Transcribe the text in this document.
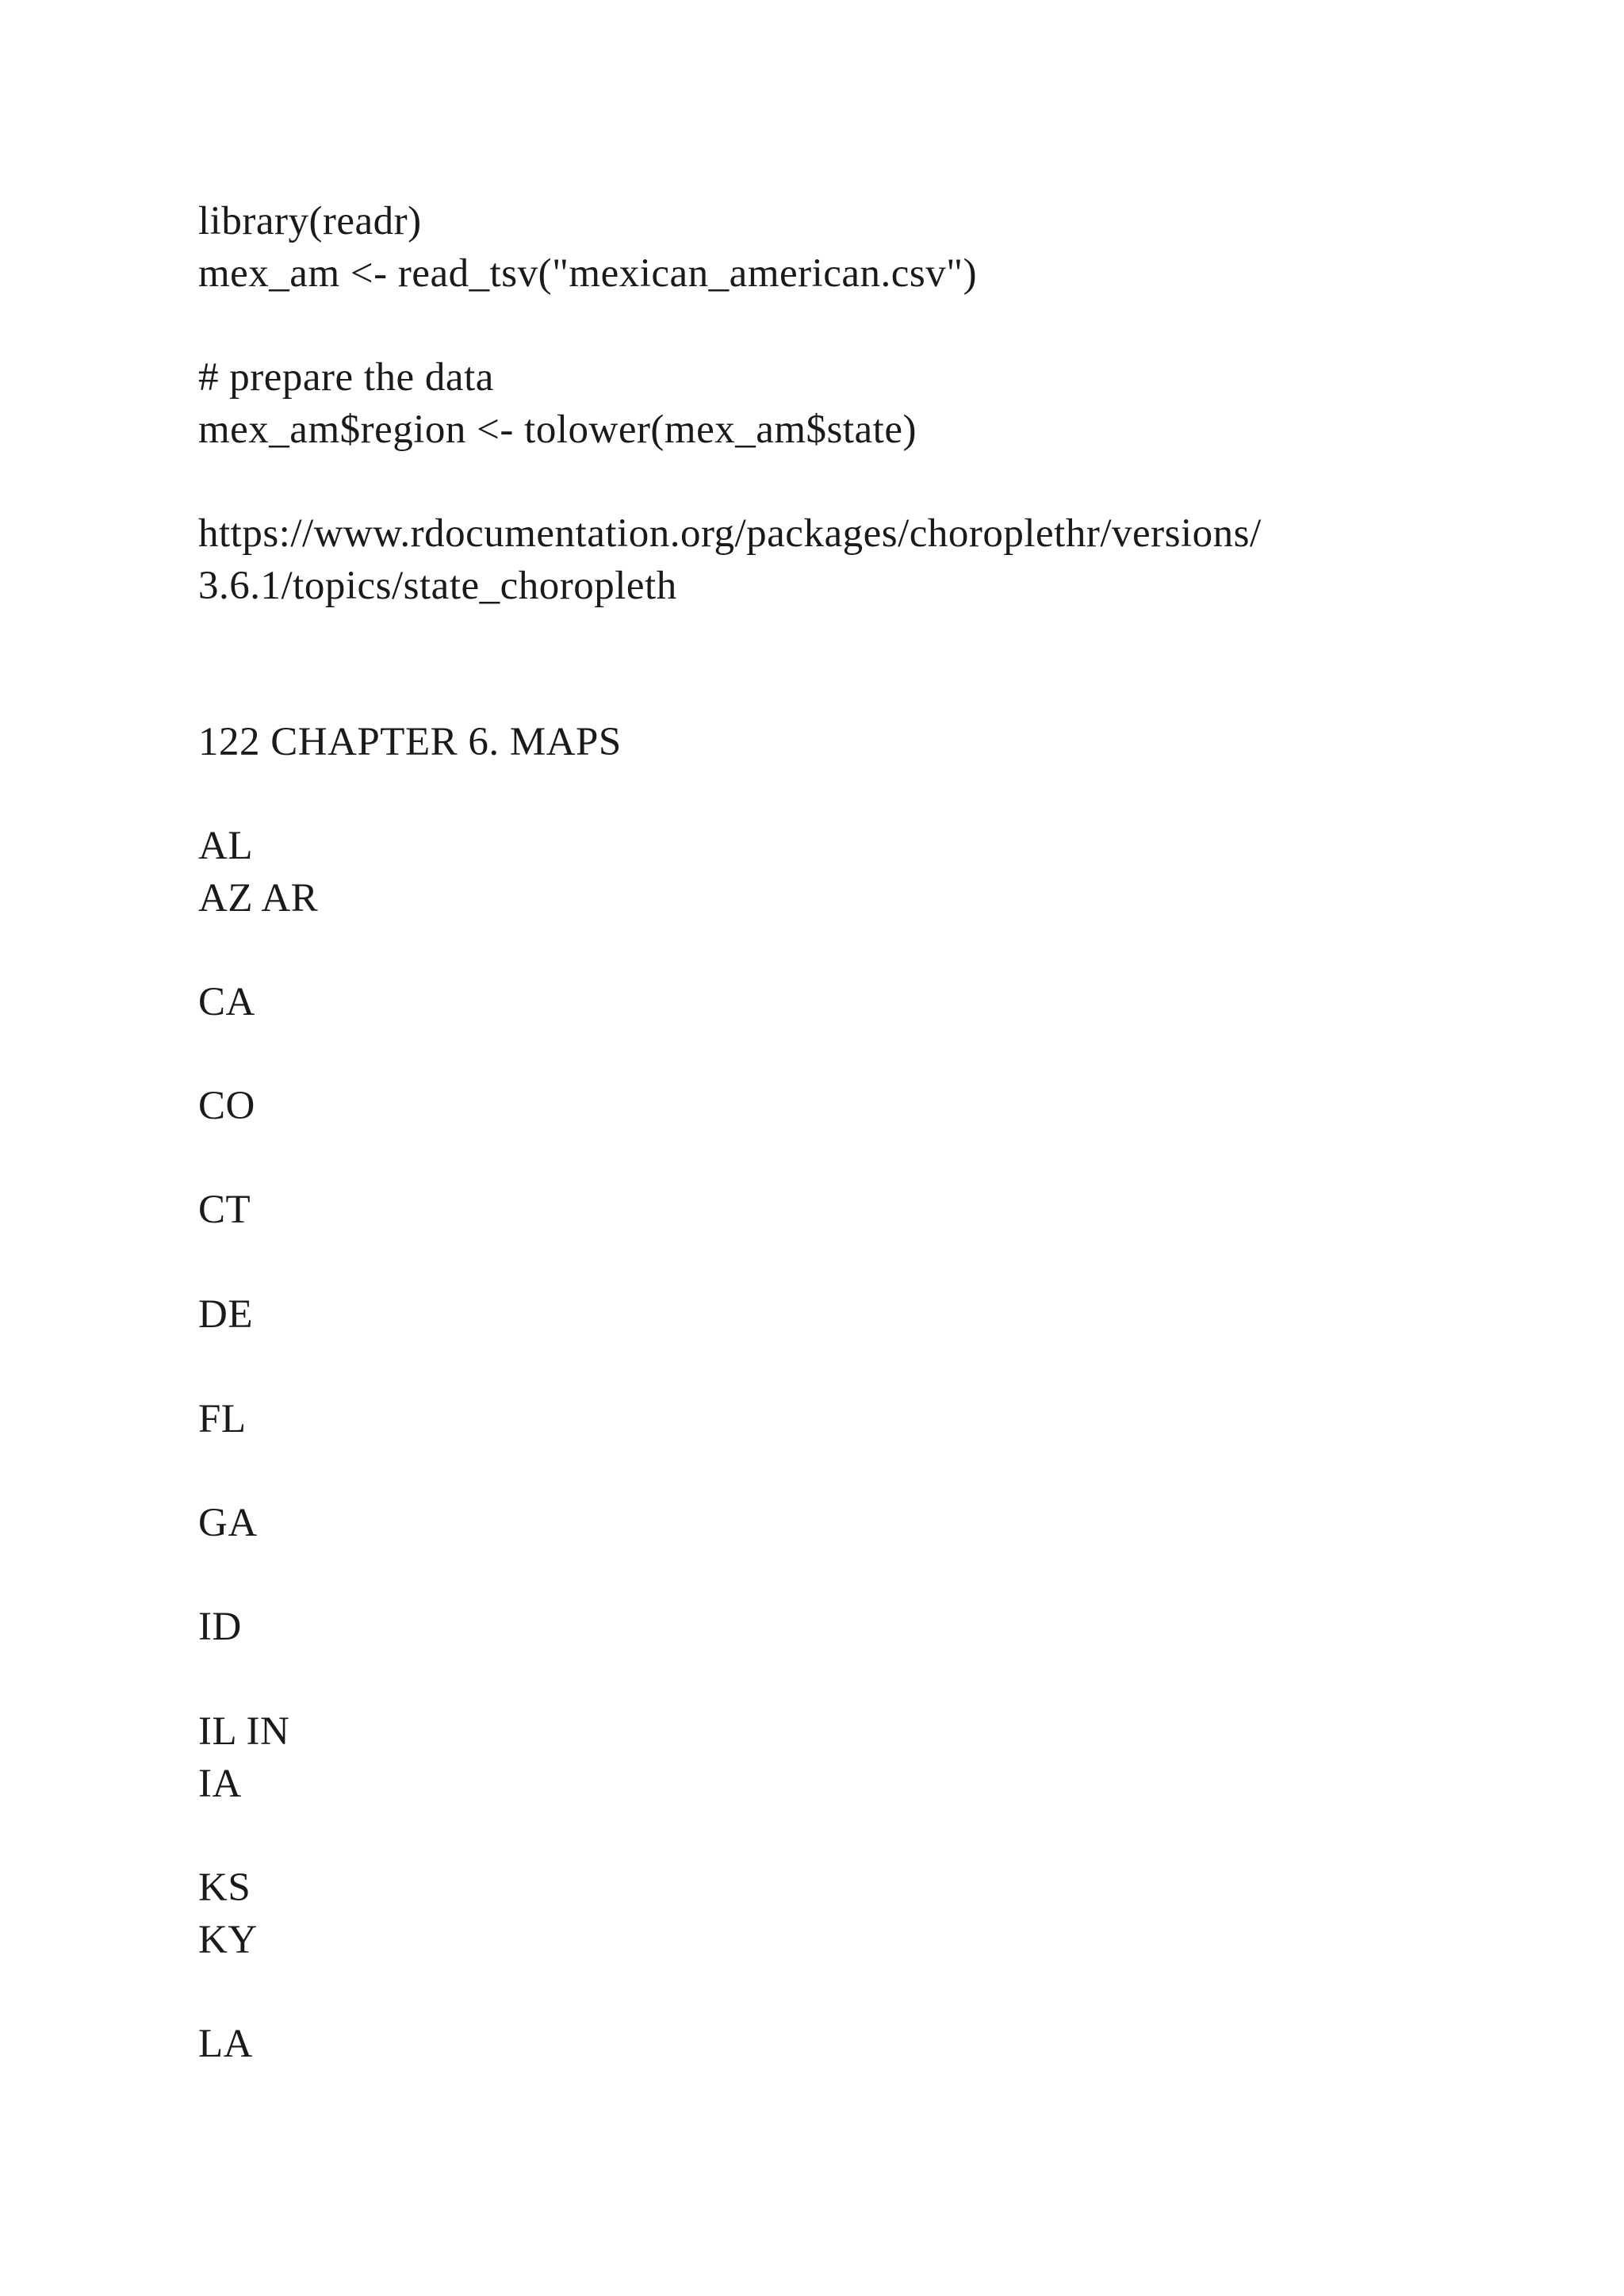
library(readr)
mex_am <- read_tsv("mexican_american.csv")
# prepare the data
mex_am$region <- tolower(mex_am$state)
https://www.rdocumentation.org/packages/choroplethr/versions/
3.6.1/topics/state_choropleth
122 CHAPTER 6. MAPS
AL
AZ AR
CA
CO
CT
DE
FL
GA
ID
IL IN
IA
KS
KY
LA
